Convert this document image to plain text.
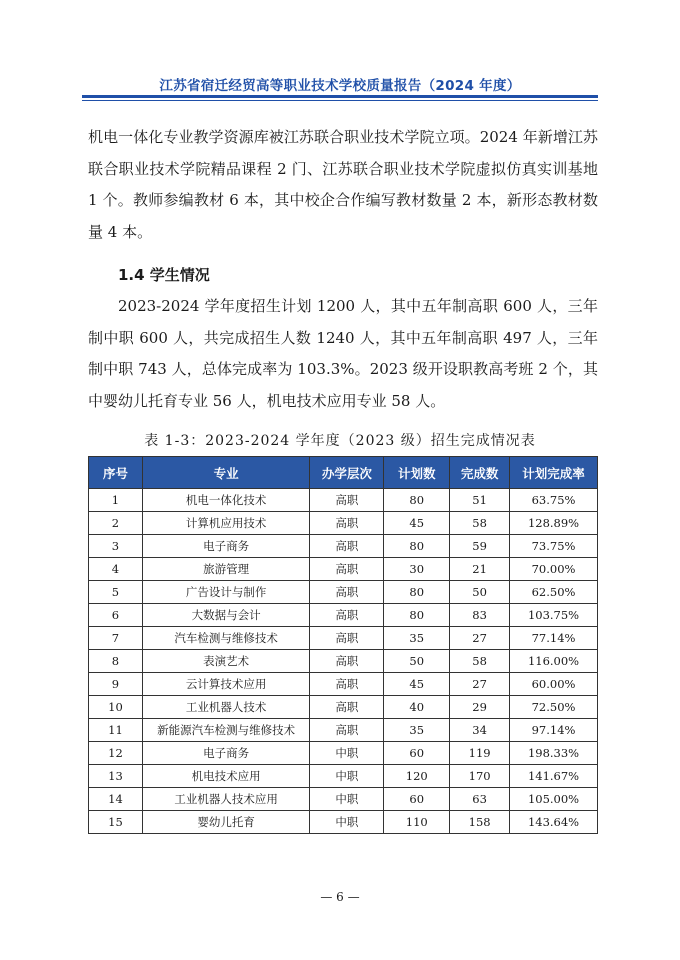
江苏省宿迁经贸高等职业技术学校质量报告（2024 年度）

机电一体化专业教学资源库被江苏联合职业技术学院立项。2024 年新增江苏联合职业技术学院精品课程 2 门、江苏联合职业技术学院虚拟仿真实训基地 1 个。教师参编教材 6 本，其中校企合作编写教材数量 2 本，新形态教材数量 4 本。

1.4 学生情况

2023-2024 学年度招生计划 1200 人，其中五年制高职 600 人，三年制中职 600 人，共完成招生人数 1240 人，其中五年制高职 497 人，三年制中职 743 人，总体完成率为 103.3%。2023 级开设职教高考班 2 个，其中婴幼儿托育专业 56 人，机电技术应用专业 58 人。

表 1-3：2023-2024 学年度（2023 级）招生完成情况表
序号	专业	办学层次	计划数	完成数	计划完成率
1	机电一体化技术	高职	80	51	63.75%
2	计算机应用技术	高职	45	58	128.89%
3	电子商务	高职	80	59	73.75%
4	旅游管理	高职	30	21	70.00%
5	广告设计与制作	高职	80	50	62.50%
6	大数据与会计	高职	80	83	103.75%
7	汽车检测与维修技术	高职	35	27	77.14%
8	表演艺术	高职	50	58	116.00%
9	云计算技术应用	高职	45	27	60.00%
10	工业机器人技术	高职	40	29	72.50%
11	新能源汽车检测与维修技术	高职	35	34	97.14%
12	电子商务	中职	60	119	198.33%
13	机电技术应用	中职	120	170	141.67%
14	工业机器人技术应用	中职	60	63	105.00%
15	婴幼儿托育	中职	110	158	143.64%
— 6 —
